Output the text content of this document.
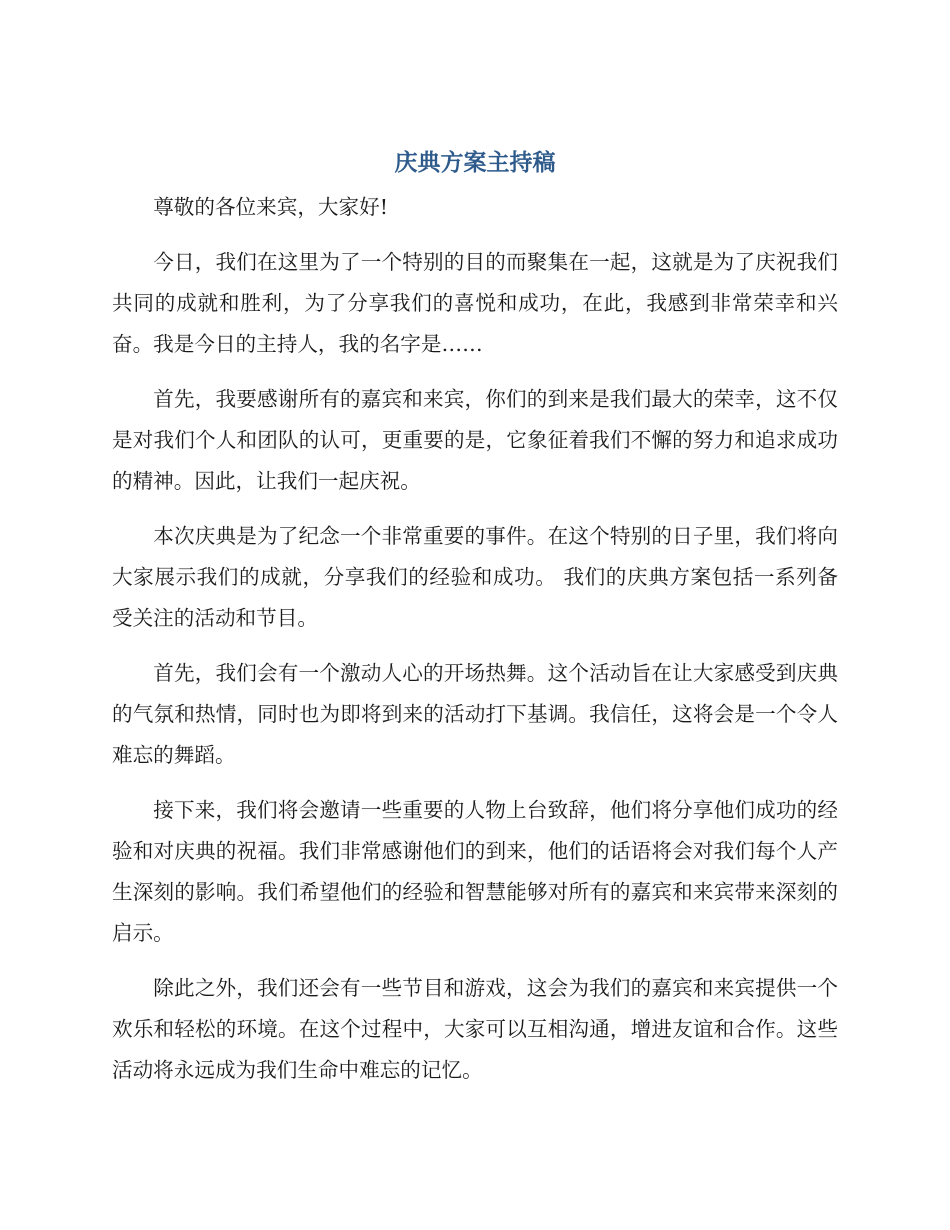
庆典方案主持稿

尊敬的各位来宾，大家好!

今日，我们在这里为了一个特别的目的而聚集在一起，这就是为了庆祝我们共同的成就和胜利，为了分享我们的喜悦和成功，在此，我感到非常荣幸和兴奋。我是今日的主持人，我的名字是……

首先，我要感谢所有的嘉宾和来宾，你们的到来是我们最大的荣幸，这不仅是对我们个人和团队的认可，更重要的是，它象征着我们不懈的努力和追求成功的精神。因此，让我们一起庆祝。

本次庆典是为了纪念一个非常重要的事件。在这个特别的日子里，我们将向大家展示我们的成就，分享我们的经验和成功。 我们的庆典方案包括一系列备受关注的活动和节目。

首先，我们会有一个激动人心的开场热舞。这个活动旨在让大家感受到庆典的气氛和热情，同时也为即将到来的活动打下基调。我信任，这将会是一个令人难忘的舞蹈。

接下来，我们将会邀请一些重要的人物上台致辞，他们将分享他们成功的经验和对庆典的祝福。我们非常感谢他们的到来，他们的话语将会对我们每个人产生深刻的影响。我们希望他们的经验和智慧能够对所有的嘉宾和来宾带来深刻的启示。

除此之外，我们还会有一些节目和游戏，这会为我们的嘉宾和来宾提供一个欢乐和轻松的环境。在这个过程中，大家可以互相沟通，增进友谊和合作。这些活动将永远成为我们生命中难忘的记忆。
